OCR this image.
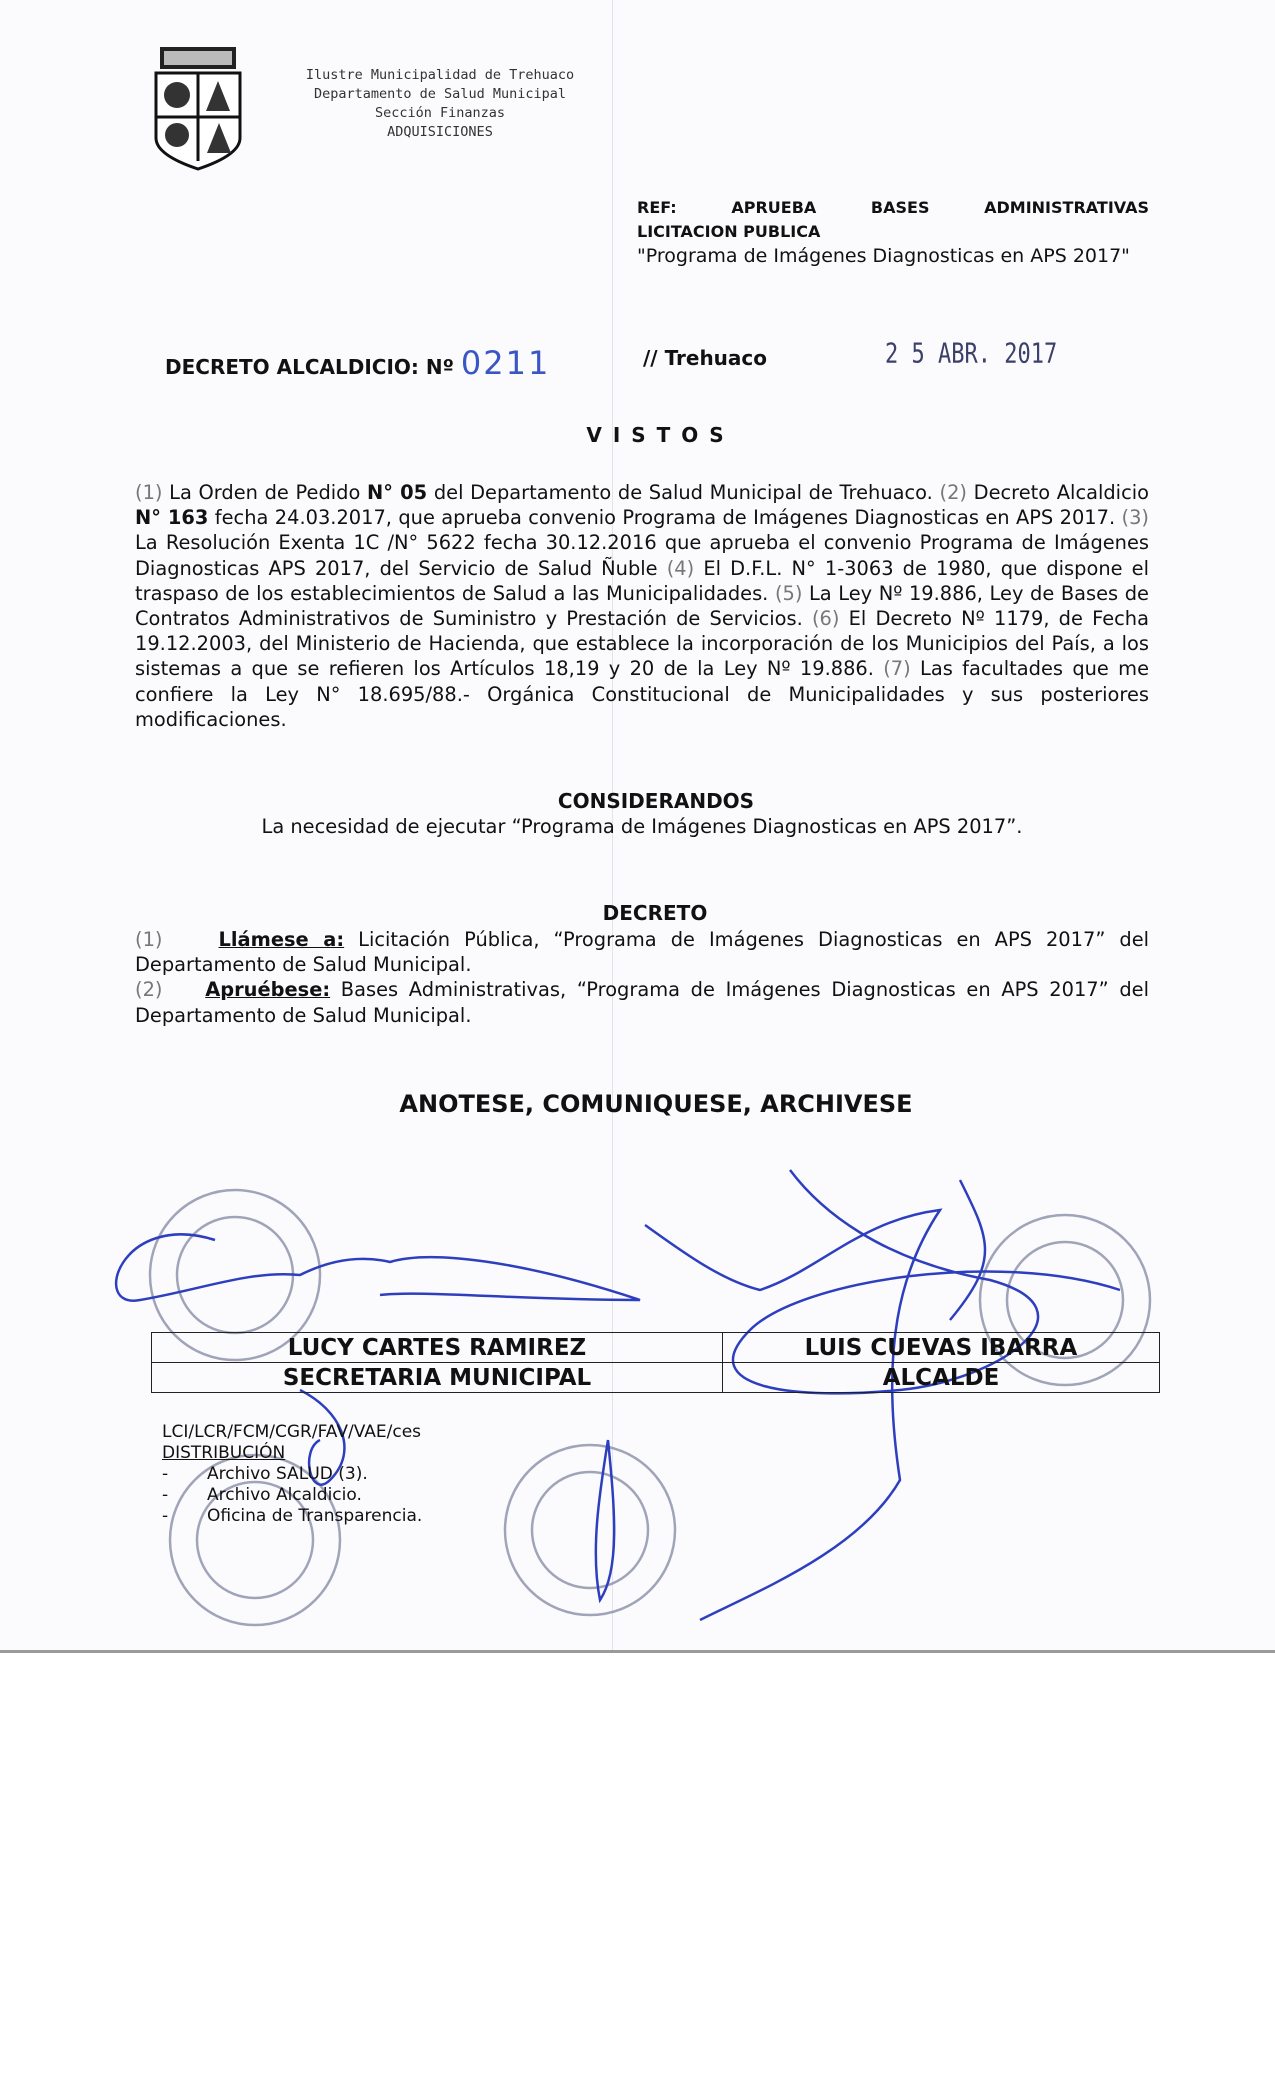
Ilustre Municipalidad de Trehuaco
Departamento de Salud Municipal
Sección Finanzas
ADQUISICIONES
REF:	APRUEBA	BASES	ADMINISTRATIVAS
LICITACION PUBLICA
"Programa de Imágenes Diagnosticas en APS 2017"
DECRETO ALCALDICIO: Nº 0211	// Trehuaco	2 5 ABR. 2017
V I S T O S
(1) La Orden de Pedido N° 05 del Departamento de Salud Municipal de Trehuaco. (2) Decreto Alcaldicio N° 163 fecha 24.03.2017, que aprueba convenio Programa de Imágenes Diagnosticas en APS 2017. (3) La Resolución Exenta 1C /N° 5622 fecha 30.12.2016 que aprueba el convenio Programa de Imágenes Diagnosticas APS 2017, del Servicio de Salud Ñuble (4) El D.F.L. N° 1-3063 de 1980, que dispone el traspaso de los establecimientos de Salud a las Municipalidades. (5) La Ley Nº 19.886, Ley de Bases de Contratos Administrativos de Suministro y Prestación de Servicios. (6) El Decreto Nº 1179, de Fecha 19.12.2003, del Ministerio de Hacienda, que establece la incorporación de los Municipios del País, a los sistemas a que se refieren los Artículos 18,19 y 20 de la Ley Nº 19.886. (7) Las facultades que me confiere la Ley N° 18.695/88.- Orgánica Constitucional de Municipalidades y sus posteriores modificaciones.
CONSIDERANDOS
La necesidad de ejecutar “Programa de Imágenes Diagnosticas en APS 2017”.
DECRETO
(1)	Llámese a: Licitación Pública, “Programa de Imágenes Diagnosticas en APS 2017” del Departamento de Salud Municipal.
(2) Apruébese: Bases Administrativas, “Programa de Imágenes Diagnosticas en APS 2017” del Departamento de Salud Municipal.
ANOTESE, COMUNIQUESE, ARCHIVESE
LUCY CARTES RAMIREZ	LUIS CUEVAS IBARRA
SECRETARIA MUNICIPAL	ALCALDE
LCI/LCR/FCM/CGR/FAV/VAE/ces
DISTRIBUCIÓN
-	Archivo SALUD (3).
-	Archivo Alcaldicio.
-	Oficina de Transparencia.
